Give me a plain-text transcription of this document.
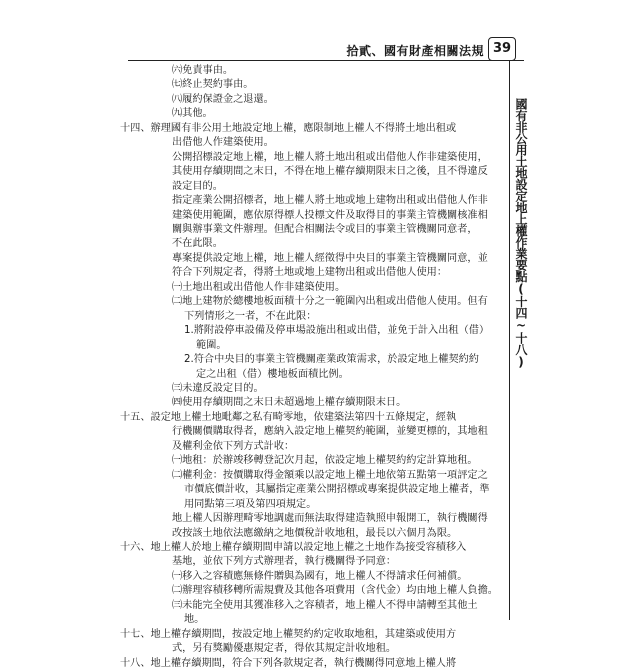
拾貳、國有財產相關法規 39
國有非公用土地設定地上權作業要點(十四~十八)

㈥免責事由。

㈦終止契約事由。

㈧履約保證金之退還。

㈨其他。

十四、辦理國有非公用土地設定地上權，應限制地上權人不得將土地出租或

出借他人作建築使用。

公開招標設定地上權，地上權人將土地出租或出借他人作非建築使用，

其使用存續期間之末日，不得在地上權存續期限末日之後，且不得違反

設定目的。

指定產業公開招標者，地上權人將土地或地上建物出租或出借他人作非

建築使用範圍，應依原得標人投標文件及取得目的事業主管機關核准相

關與辦事業文件辦理。但配合相關法令或目的事業主管機關同意者，

不在此限。

專案提供設定地上權，地上權人經徵得中央目的事業主管機關同意，並

符合下列規定者，得將土地或地上建物出租或出借他人使用：

㈠土地出租或出借他人作非建築使用。

㈡地上建物於總樓地板面積十分之一範圍內出租或出借他人使用。但有

下列情形之一者，不在此限：

1.將附設停車設備及停車場設施出租或出借，並免于計入出租（借）

範圍。

2.符合中央目的事業主管機關產業政策需求，於設定地上權契約約

定之出租（借）樓地板面積比例。

㈢未違反設定目的。

㈣使用存續期間之末日未超過地上權存續期限末日。

十五、設定地上權土地毗鄰之私有畸零地，依建築法第四十五條規定，經執

行機關價購取得者，應納入設定地上權契約範圍，並變更標的，其地租

及權利金依下列方式計收：

㈠地租：於辦竣移轉登記次月起，依設定地上權契約約定計算地租。

㈡權利金：按價購取得金額乘以設定地上權土地依第五點第一項評定之

市價底價計收，其屬指定產業公開招標或專案提供設定地上權者，準

用同點第三項及第四項規定。

地上權人因辦理畸零地調處而無法取得建造執照申報開工，執行機關得

改按該土地依法應繳納之地價稅計收地租，最長以六個月為限。

十六、地上權人於地上權存續期間申請以設定地上權之土地作為接受容積移入

基地，並依下列方式辦理者，執行機關得予同意：

㈠移入之容積應無條件贈與為國有，地上權人不得請求任何補償。

㈡辦理容積移轉所需規費及其他各項費用（含代金）均由地上權人負擔。

㈢未能完全使用其獲准移入之容積者，地上權人不得申請轉至其他土

地。

十七、地上權存續期間，按設定地上權契約約定收取地租，其建築或使用方

式，另有獎勵優惠規定者，得依其規定計收地租。

十八、地上權存續期間，符合下列各款規定者，執行機關得同意地上權人將
